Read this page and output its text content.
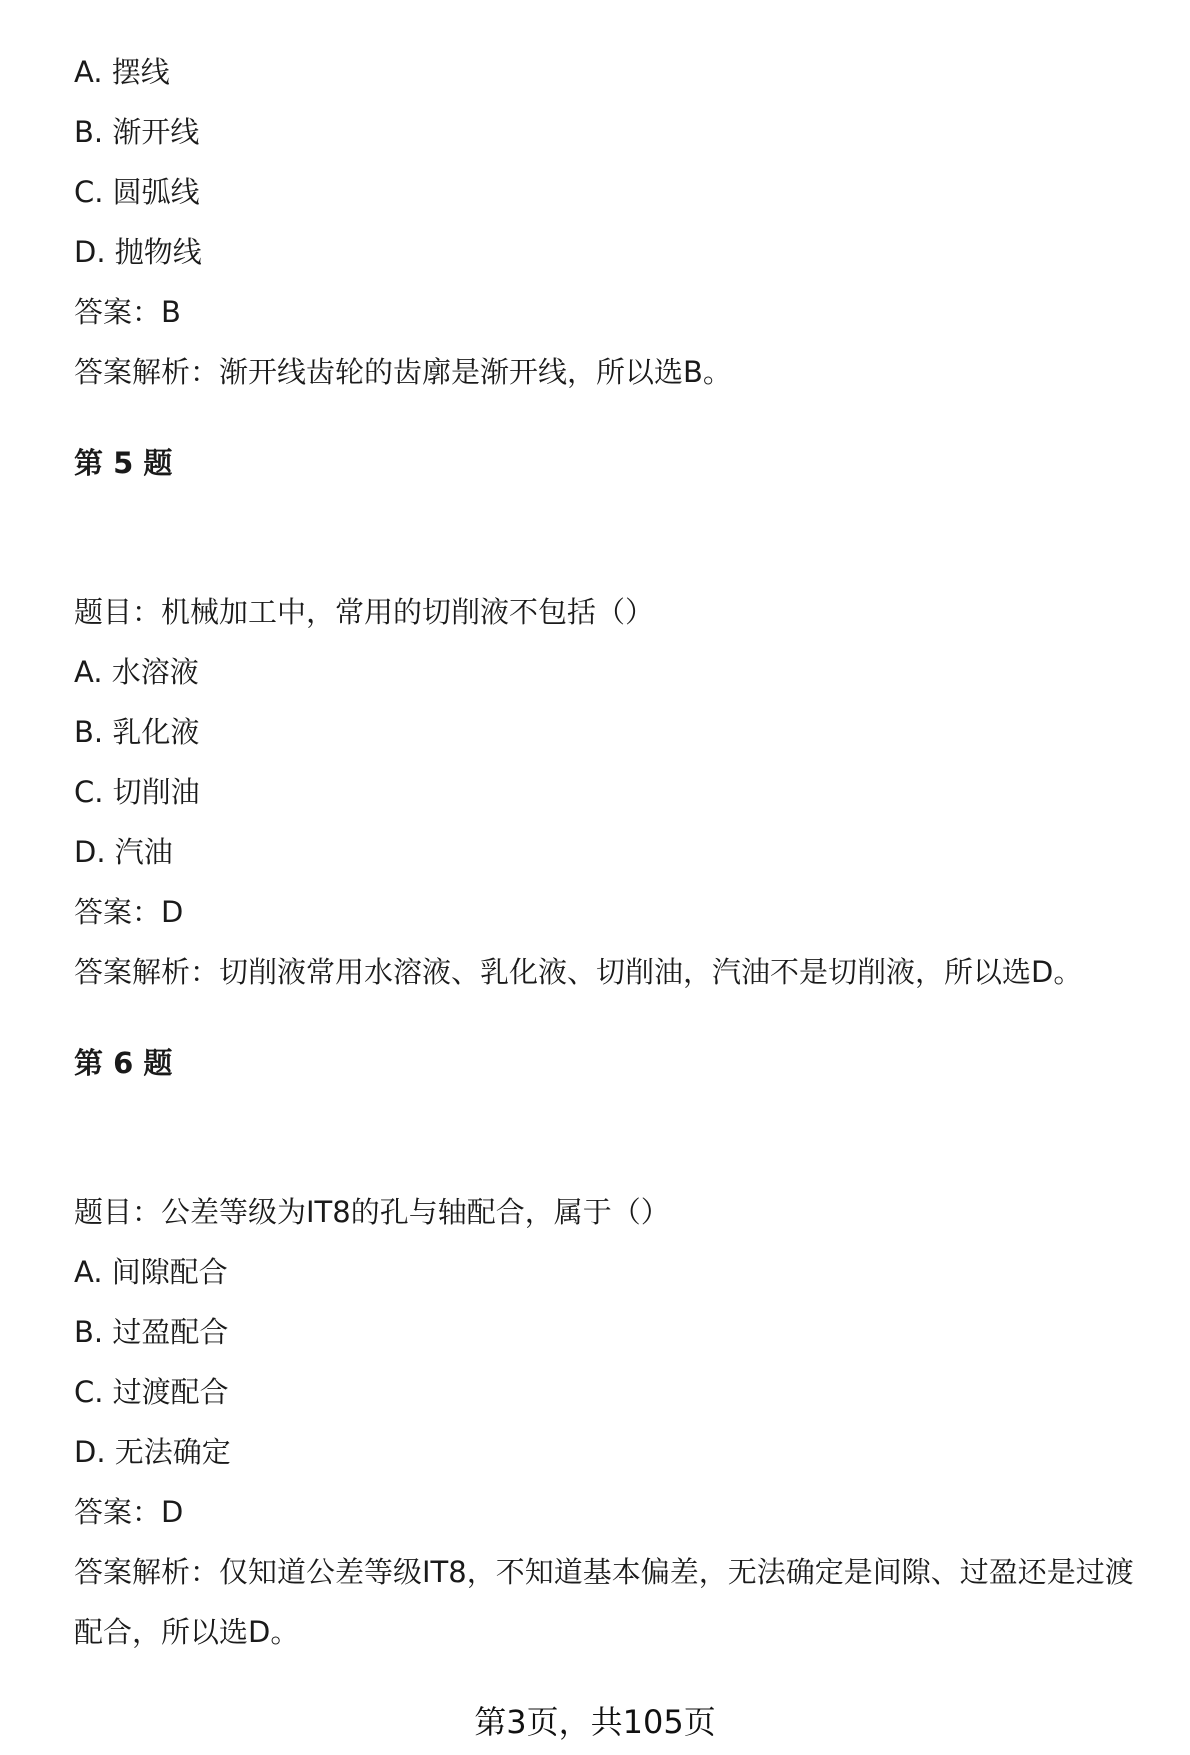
A. 摆线
B. 渐开线
C. 圆弧线
D. 抛物线
答案：B
答案解析：渐开线齿轮的齿廓是渐开线，所以选B。
第 5 题
题目：机械加工中，常用的切削液不包括（）
A. 水溶液
B. 乳化液
C. 切削油
D. 汽油
答案：D
答案解析：切削液常用水溶液、乳化液、切削油，汽油不是切削液，所以选D。
第 6 题
题目：公差等级为IT8的孔与轴配合，属于（）
A. 间隙配合
B. 过盈配合
C. 过渡配合
D. 无法确定
答案：D
答案解析：仅知道公差等级IT8，不知道基本偏差，无法确定是间隙、过盈还是过渡配合，所以选D。
第3页，共105页
